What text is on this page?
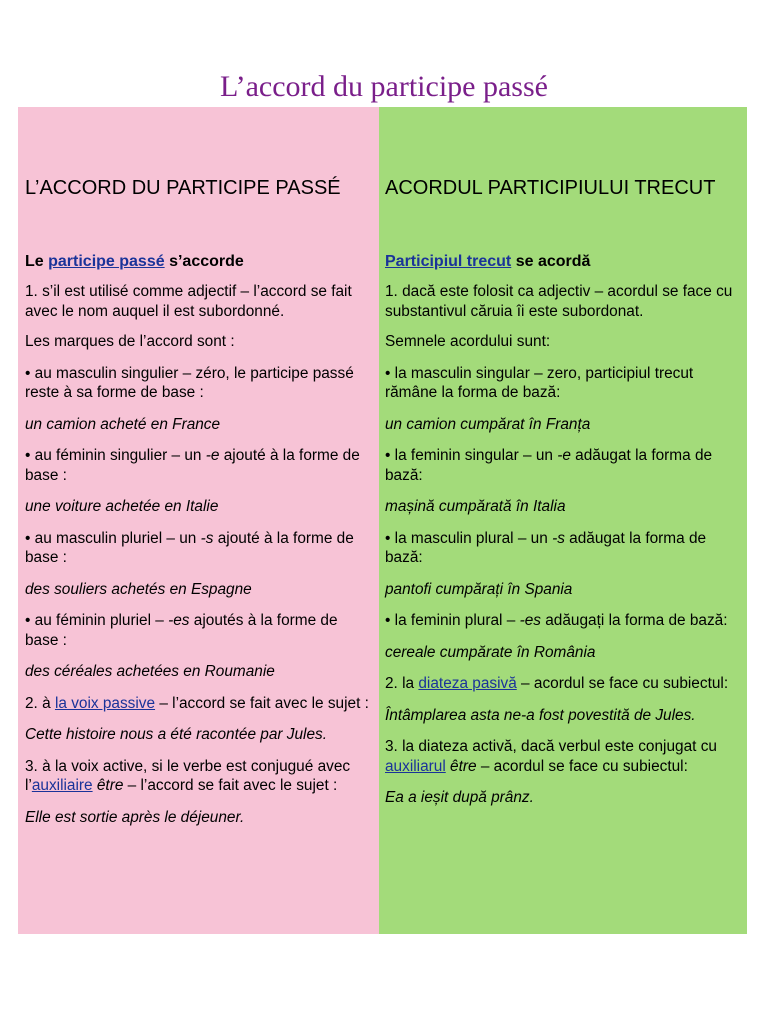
L’accord du participe passé
L’ACCORD DU PARTICIPE PASSÉ
Le participe passé s’accorde

1. s’il est utilisé comme adjectif – l’accord se fait avec le nom auquel il est subordonné.

Les marques de l’accord sont :

• au masculin singulier – zéro, le participe passé reste à sa forme de base :

un camion acheté en France

• au féminin singulier – un -e ajouté à la forme de base :

une voiture achetée en Italie

• au masculin pluriel – un -s ajouté à la forme de base :

des souliers achetés en Espagne

• au féminin pluriel – -es ajoutés à la forme de base :

des céréales achetées en Roumanie

2. à la voix passive – l’accord se fait avec le sujet :

Cette histoire nous a été racontée par Jules.

3. à la voix active, si le verbe est conjugué avec l’auxiliaire être – l’accord se fait avec le sujet :

Elle est sortie après le déjeuner.

ACORDUL PARTICIPIULUI TRECUT
Participiul trecut se acordă

1. dacă este folosit ca adjectiv – acordul se face cu substantivul căruia îi este subordonat.

Semnele acordului sunt:

• la masculin singular – zero, participiul trecut rămâne la forma de bază:

un camion cumpărat în Franța

• la feminin singular – un -e adăugat la forma de bază:

mașină cumpărată în Italia

• la masculin plural – un -s adăugat la forma de bază:

pantofi cumpărați în Spania

• la feminin plural – -es adăugați la forma de bază:

cereale cumpărate în România

2. la diateza pasivă – acordul se face cu subiectul:

Întâmplarea asta ne-a fost povestită de Jules.

3. la diateza activă, dacă verbul este conjugat cu auxiliarul être – acordul se face cu subiectul:

Ea a ieșit după prânz.
